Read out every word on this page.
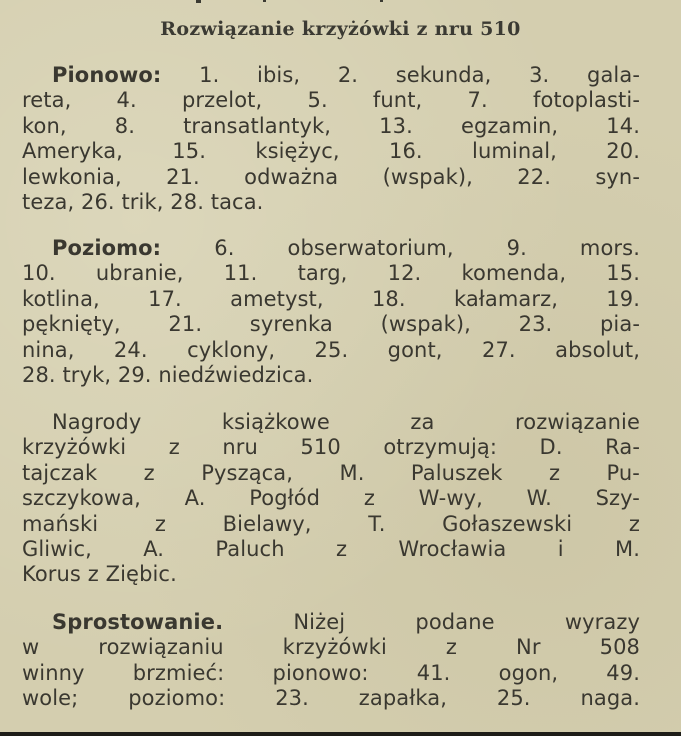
Rozwiązanie krzyżówki z nru 510

Pionowo: 1. ibis, 2. sekunda, 3. gala-
reta, 4. przelot, 5. funt, 7. fotoplasti-
kon, 8. transatlantyk, 13. egzamin, 14.
Ameryka, 15. księżyc, 16. luminal, 20.
lewkonia, 21. odważna (wspak), 22. syn-
teza, 26. trik, 28. taca.

Poziomo: 6. obserwatorium, 9. mors.
10. ubranie, 11. targ, 12. komenda, 15.
kotlina, 17. ametyst, 18. kałamarz, 19.
pęknięty, 21. syrenka (wspak), 23. pia-
nina, 24. cyklony, 25. gont, 27. absolut,
28. tryk, 29. niedźwiedzica.

Nagrody książkowe za rozwiązanie
krzyżówki z nru 510 otrzymują: D. Ra-
tajczak z Pysząca, M. Paluszek z Pu-
szczykowa, A. Pogłód z W-wy, W. Szy-
mański z Bielawy, T. Gołaszewski z
Gliwic, A. Paluch z Wrocławia i M.
Korus z Ziębic.

Sprostowanie. Niżej podane wyrazy
w rozwiązaniu krzyżówki z Nr 508
winny brzmieć: pionowo: 41. ogon, 49.
wole; poziomo: 23. zapałka, 25. naga.
